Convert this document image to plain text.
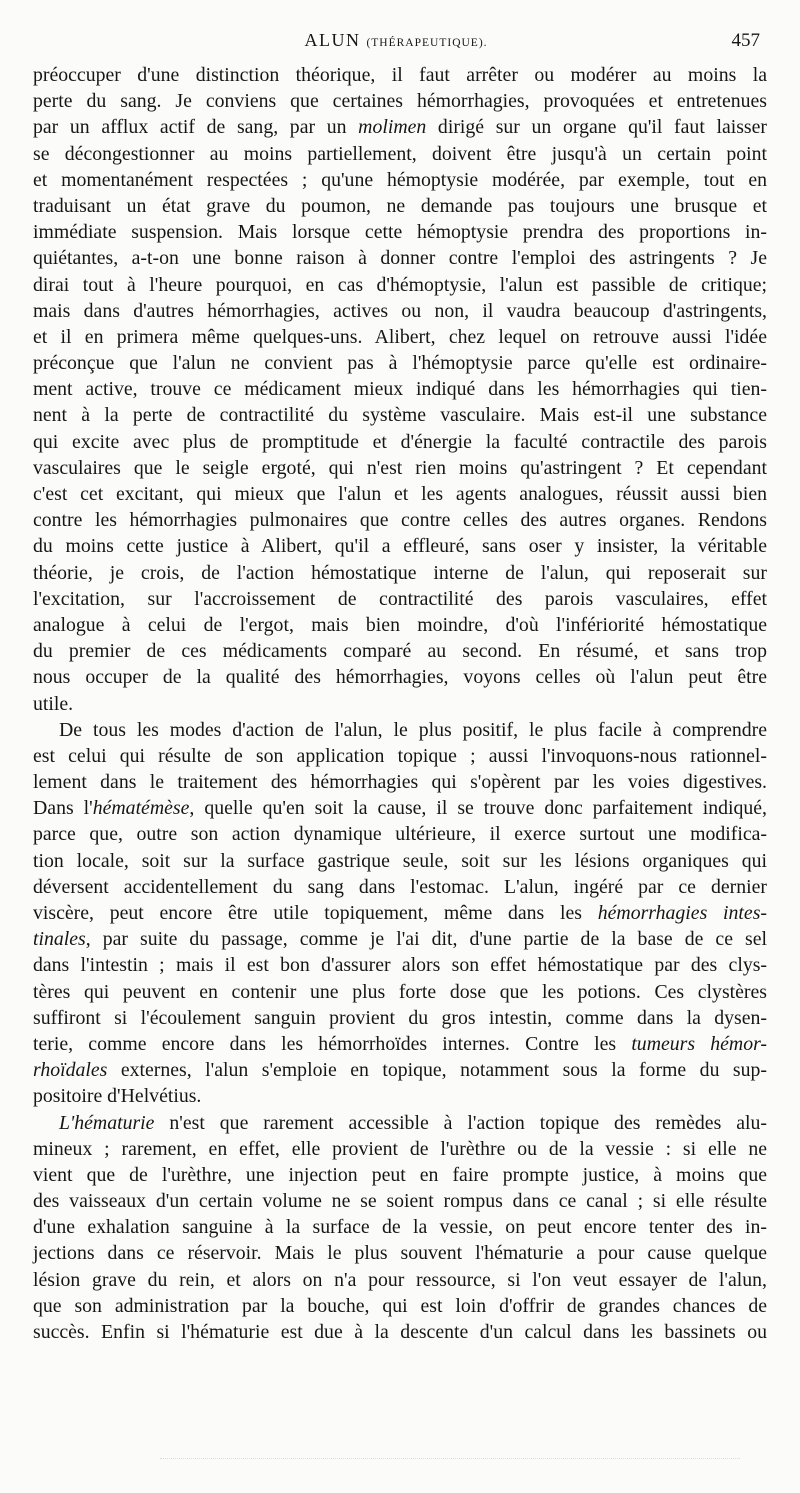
ALUN (THÉRAPEUTIQUE).	457
préoccuper d'une distinction théorique, il faut arrêter ou modérer au moins la
perte du sang. Je conviens que certaines hémorrhagies, provoquées et entretenues
par un afflux actif de sang, par un molimen dirigé sur un organe qu'il faut laisser
se décongestionner au moins partiellement, doivent être jusqu'à un certain point
et momentanément respectées ; qu'une hémoptysie modérée, par exemple, tout en
traduisant un état grave du poumon, ne demande pas toujours une brusque et
immédiate suspension. Mais lorsque cette hémoptysie prendra des proportions in-
quiétantes, a-t-on une bonne raison à donner contre l'emploi des astringents ? Je
dirai tout à l'heure pourquoi, en cas d'hémoptysie, l'alun est passible de critique;
mais dans d'autres hémorrhagies, actives ou non, il vaudra beaucoup d'astringents,
et il en primera même quelques-uns. Alibert, chez lequel on retrouve aussi l'idée
préconçue que l'alun ne convient pas à l'hémoptysie parce qu'elle est ordinaire-
ment active, trouve ce médicament mieux indiqué dans les hémorrhagies qui tien-
nent à la perte de contractilité du système vasculaire. Mais est-il une substance
qui excite avec plus de promptitude et d'énergie la faculté contractile des parois
vasculaires que le seigle ergoté, qui n'est rien moins qu'astringent ? Et cependant
c'est cet excitant, qui mieux que l'alun et les agents analogues, réussit aussi bien
contre les hémorrhagies pulmonaires que contre celles des autres organes. Rendons
du moins cette justice à Alibert, qu'il a effleuré, sans oser y insister, la véritable
théorie, je crois, de l'action hémostatique interne de l'alun, qui reposerait sur
l'excitation, sur l'accroissement de contractilité des parois vasculaires, effet
analogue à celui de l'ergot, mais bien moindre, d'où l'infériorité hémostatique
du premier de ces médicaments comparé au second. En résumé, et sans trop
nous occuper de la qualité des hémorrhagies, voyons celles où l'alun peut être
utile.
De tous les modes d'action de l'alun, le plus positif, le plus facile à comprendre
est celui qui résulte de son application topique ; aussi l'invoquons-nous rationnel-
lement dans le traitement des hémorrhagies qui s'opèrent par les voies digestives.
Dans l'hématémèse, quelle qu'en soit la cause, il se trouve donc parfaitement indiqué,
parce que, outre son action dynamique ultérieure, il exerce surtout une modifica-
tion locale, soit sur la surface gastrique seule, soit sur les lésions organiques qui
déversent accidentellement du sang dans l'estomac. L'alun, ingéré par ce dernier
viscère, peut encore être utile topiquement, même dans les hémorrhagies intes-
tinales, par suite du passage, comme je l'ai dit, d'une partie de la base de ce sel
dans l'intestin ; mais il est bon d'assurer alors son effet hémostatique par des clys-
tères qui peuvent en contenir une plus forte dose que les potions. Ces clystères
suffiront si l'écoulement sanguin provient du gros intestin, comme dans la dysen-
terie, comme encore dans les hémorrhoïdes internes. Contre les tumeurs hémor-
rhoïdales externes, l'alun s'emploie en topique, notamment sous la forme du sup-
positoire d'Helvétius.
L'hématurie n'est que rarement accessible à l'action topique des remèdes alu-
mineux ; rarement, en effet, elle provient de l'urèthre ou de la vessie : si elle ne
vient que de l'urèthre, une injection peut en faire prompte justice, à moins que
des vaisseaux d'un certain volume ne se soient rompus dans ce canal ; si elle résulte
d'une exhalation sanguine à la surface de la vessie, on peut encore tenter des in-
jections dans ce réservoir. Mais le plus souvent l'hématurie a pour cause quelque
lésion grave du rein, et alors on n'a pour ressource, si l'on veut essayer de l'alun,
que son administration par la bouche, qui est loin d'offrir de grandes chances de
succès. Enfin si l'hématurie est due à la descente d'un calcul dans les bassinets ou
